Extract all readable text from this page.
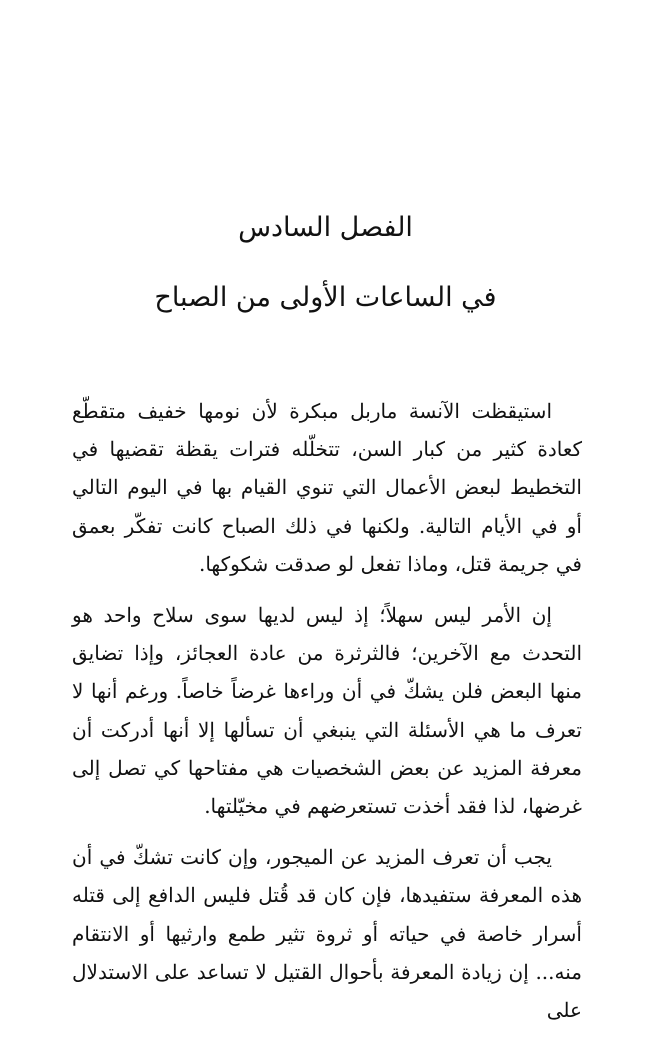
الفصل السادس
في الساعات الأولى من الصباح

استيقظت الآنسة ماربل مبكرة لأن نومها خفيف متقطّع كعادة كثير من كبار السن، تتخلّله فترات يقظة تقضيها في التخطيط لبعض الأعمال التي تنوي القيام بها في اليوم التالي أو في الأيام التالية. ولكنها في ذلك الصباح كانت تفكّر بعمق في جريمة قتل، وماذا تفعل لو صدقت شكوكها.

إن الأمر ليس سهلاً؛ إذ ليس لديها سوى سلاح واحد هو التحدث مع الآخرين؛ فالثرثرة من عادة العجائز، وإذا تضايق منها البعض فلن يشكّ في أن وراءها غرضاً خاصاً. ورغم أنها لا تعرف ما هي الأسئلة التي ينبغي أن تسألها إلا أنها أدركت أن معرفة المزيد عن بعض الشخصيات هي مفتاحها كي تصل إلى غرضها، لذا فقد أخذت تستعرضهم في مخيّلتها.

يجب أن تعرف المزيد عن الميجور، وإن كانت تشكّ في أن هذه المعرفة ستفيدها، فإن كان قد قُتل فليس الدافع إلى قتله أسرار خاصة في حياته أو ثروة تثير طمع وارثيها أو الانتقام منه... إن زيادة المعرفة بأحوال القتيل لا تساعد على الاستدلال على
